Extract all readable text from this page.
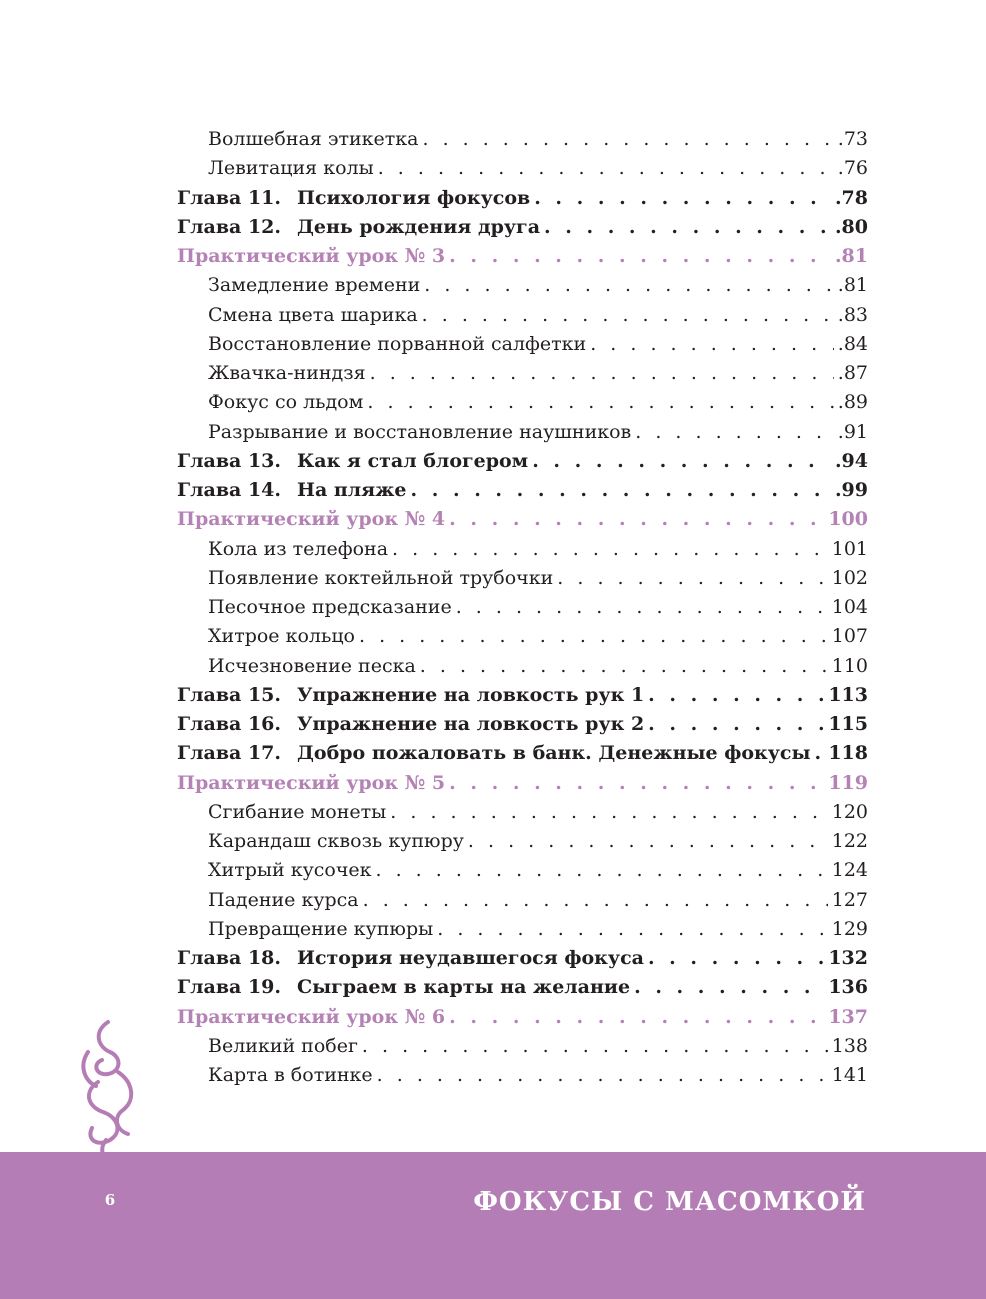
Волшебная этикетка . . .	.73
Левитация колы . . .	.76
Глава 11. Психология фокусов . . .	.78
Глава 12. День рождения друга . . .	.80
Практический урок № 3 . . .	.81
Замедление времени . . .	.81
Смена цвета шарика . . .	.83
Восстановление порванной салфетки . . .	.84
Жвачка-ниндзя . . .	.87
Фокус со льдом . . .	.89
Разрывание и восстановление наушников . . .	.91
Глава 13. Как я стал блогером . . .	.94
Глава 14. На пляже . . .	.99
Практический урок № 4 . . .	100
Кола из телефона . . .	101
Появление коктейльной трубочки . . .	102
Песочное предсказание . . .	104
Хитрое кольцо . . .	107
Исчезновение песка . . .	110
Глава 15. Упражнение на ловкость рук 1 . . .	113
Глава 16. Упражнение на ловкость рук 2 . . .	115
Глава 17. Добро пожаловать в банк. Денежные фокусы . . . 118
Практический урок № 5 . . .	119
Сгибание монеты . . .	120
Карандаш сквозь купюру . . .	122
Хитрый кусочек . . .	124
Падение курса . . .	127
Превращение купюры . . .	129
Глава 18. История неудавшегося фокуса . . .	132
Глава 19. Сыграем в карты на желание . . .	136
Практический урок № 6 . . .	137
Великий побег . . .	138
Карта в ботинке . . .	141
6	ФОКУСЫ С МАСОМКОЙ
